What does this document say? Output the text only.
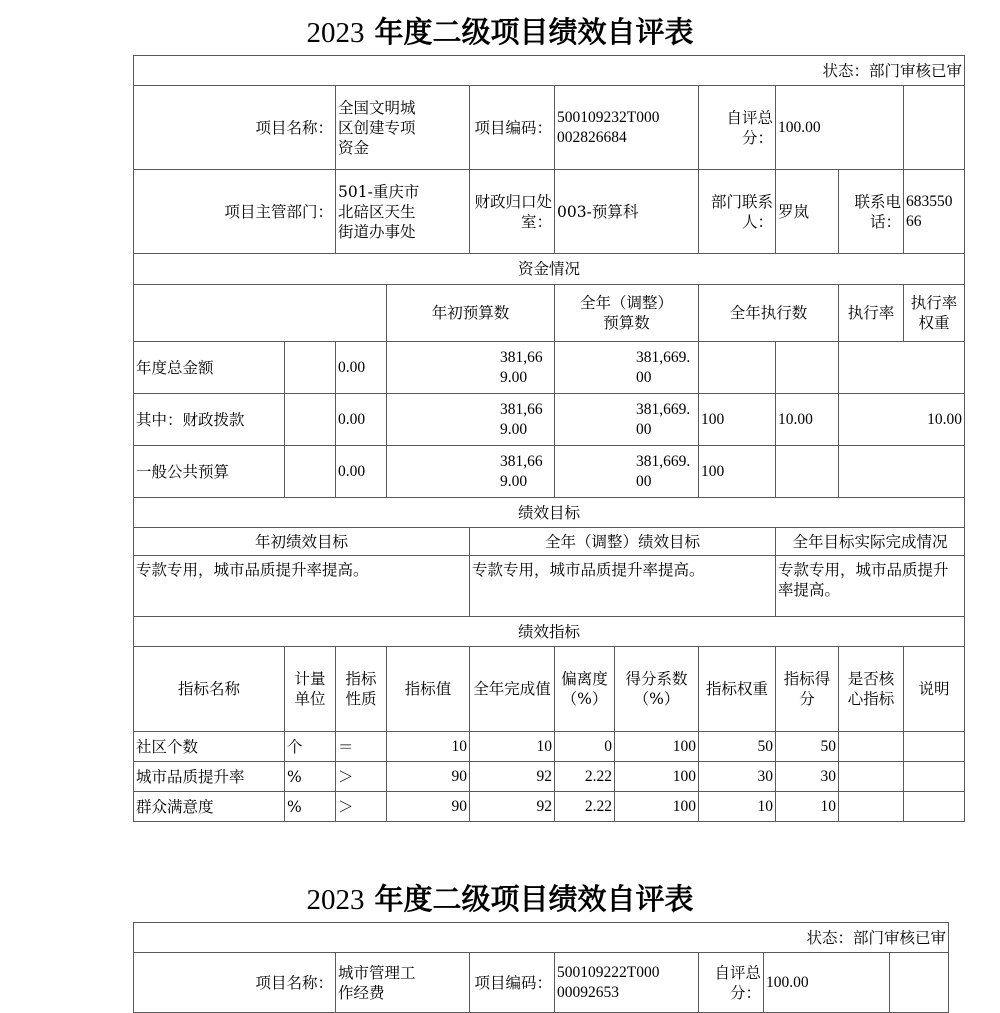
2023 年度二级项目绩效自评表
状态：部门审核已审										
项目名称：		全国文明城区创建专项资金		项目编码：	500109232T000002826684		自评总分：	100.00		
项目主管部门：		501-重庆市北碚区天生街道办事处		财政归口处室：	003-预算科		部门联系人：	罗岚	联系电话：	68355066

资金情况										
			年初预算数		全年（调整）预算数		全年执行数		执行率	执行率权重

年度总金额		0.00	381,669.00		381,669.00					

其中：财政拨款		0.00	381,669.00		381,669.00		100	10.00	10.00	
一般公共预算		0.00	381,669.00		381,669.00		100			
绩效目标										
年初绩效目标				全年（调整）绩效目标				全年目标实际完成情况		
专款专用，城市品质提升率提高。				专款专用，城市品质提升率提高。				专款专用，城市品质提升率提高。		
绩效指标										
指标名称	计量单位	指标性质	指标值	全年完成值	偏离度（%）	得分系数（%）	指标权重	指标得分	是否核心指标	说明
社区个数	个	＝	10	10	0	100	50	50		
城市品质提升率	%	＞	90	92	2.22	100	30	30		
群众满意度	%	＞	90	92	2.22	100	10	10		
2023 年度二级项目绩效自评表
状态：部门审核已审
项目名称：	
城市管理工作经费

项目编码：

500109222T00000092653

自评总分：
	100.00	
